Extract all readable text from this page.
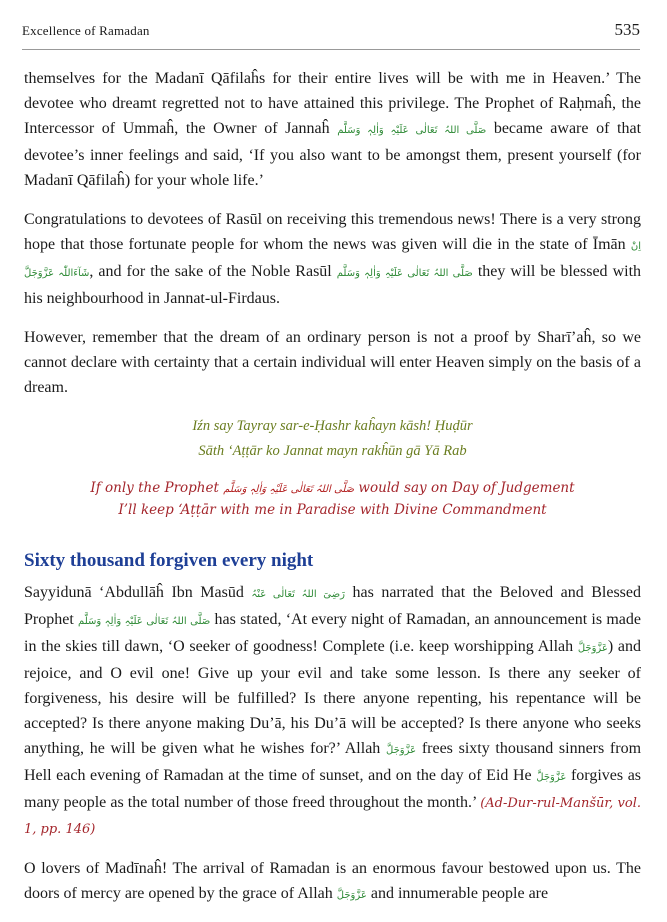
Excellence of Ramadan	535

themselves for the Madanī Qāfilaĥs for their entire lives will be with me in Heaven.’ The devotee who dreamt regretted not to have attained this privilege. The Prophet of Raḥmaĥ, the Intercessor of Ummaĥ, the Owner of Jannaĥ صَلَّی اللہُ تَعَالٰی عَلَیْہِ وَاٰلِہٖ وَسَلَّم became aware of that devotee’s inner feelings and said, ‘If you also want to be amongst them, present yourself (for Madanī Qāfilaĥ) for your whole life.’

Congratulations to devotees of Rasūl on receiving this tremendous news! There is a very strong hope that those fortunate people for whom the news was given will die in the state of Īmān اِنْ شَآءَاللّٰہ عَزَّوَجَلَّ, and for the sake of the Noble Rasūl صَلَّی اللہُ تَعَالٰی عَلَیْہِ وَاٰلِہٖ وَسَلَّم they will be blessed with his neighbourhood in Jannat-ul-Firdaus.

However, remember that the dream of an ordinary person is not a proof by Sharī’aĥ, so we cannot declare with certainty that a certain individual will enter Heaven simply on the basis of a dream.

Iźn say Tayray sar-e-Ḥashr kaĥayn kāsh! Ḥuḍūr
Sāth ‘Aṭṭār ko Jannat mayn rakĥūn gā Yā Rab
If only the Prophet صَلَّی اللہُ تَعَالٰی عَلَیْہِ وَاٰلِہٖ وَسَلَّم would say on Day of Judgement
I’ll keep ‘Aṭṭār with me in Paradise with Divine Commandment
Sixty thousand forgiven every night

Sayyidunā ‘Abdullāĥ Ibn Masūd رَضِیَ اللہُ تَعَالٰی عَنْہُ has narrated that the Beloved and Blessed Prophet صَلَّی اللہُ تَعَالٰی عَلَیْہِ وَاٰلِہٖ وَسَلَّم has stated, ‘At every night of Ramadan, an announcement is made in the skies till dawn, ‘O seeker of goodness! Complete (i.e. keep worshipping Allah عَزَّوَجَلَّ) and rejoice, and O evil one! Give up your evil and take some lesson. Is there any seeker of forgiveness, his desire will be fulfilled? Is there anyone repenting, his repentance will be accepted? Is there anyone making Du’ā, his Du’ā will be accepted? Is there anyone who seeks anything, he will be given what he wishes for?’ Allah عَزَّوَجَلَّ frees sixty thousand sinners from Hell each evening of Ramadan at the time of sunset, and on the day of Eid He عَزَّوَجَلَّ forgives as many people as the total number of those freed throughout the month.’ (Ad-Dur-rul-Manšūr, vol. 1, pp. 146)

O lovers of Madīnaĥ! The arrival of Ramadan is an enormous favour bestowed upon us. The doors of mercy are opened by the grace of Allah عَزَّوَجَلَّ and innumerable people are
